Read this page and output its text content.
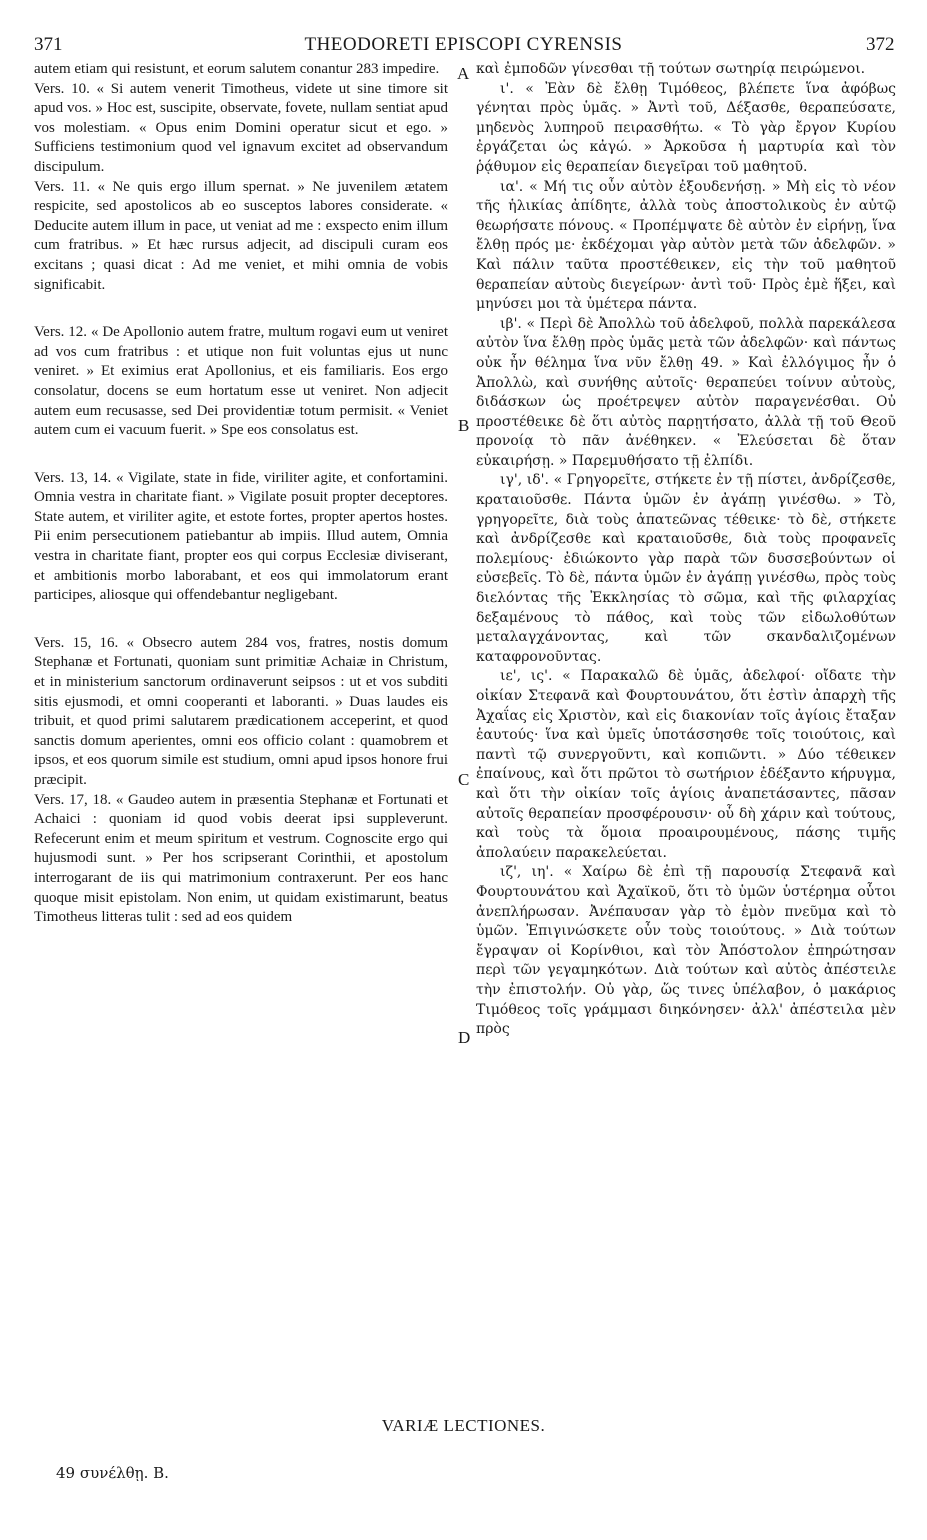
371	THEODORETI EPISCOPI CYRENSIS	372

autem etiam qui resistunt, et eorum salutem conantur 283 impedire.

Vers. 10. « Si autem venerit Timotheus, videte ut sine timore sit apud vos. » Hoc est, suscipite, observate, fovete, nullam sentiat apud vos molestiam. « Opus enim Domini operatur sicut et ego. » Sufficiens testimonium quod vel ignavum excitet ad observandum discipulum.

Vers. 11. « Ne quis ergo illum spernat. » Ne juvenilem ætatem respicite, sed apostolicos ab eo susceptos labores considerate. « Deducite autem illum in pace, ut veniat ad me : exspecto enim illum cum fratribus. » Et hæc rursus adjecit, ad discipuli curam eos excitans ; quasi dicat : Ad me veniet, et mihi omnia de vobis significabit.

Vers. 12. « De Apollonio autem fratre, multum rogavi eum ut veniret ad vos cum fratribus : et utique non fuit voluntas ejus ut nunc veniret. » Et eximius erat Apollonius, et eis familiaris. Eos ergo consolatur, docens se eum hortatum esse ut veniret. Non adjecit autem eum recusasse, sed Dei providentiæ totum permisit. « Veniet autem cum ei vacuum fuerit. » Spe eos consolatus est.

Vers. 13, 14. « Vigilate, state in fide, viriliter agite, et confortamini. Omnia vestra in charitate fiant. » Vigilate posuit propter deceptores. State autem, et viriliter agite, et estote fortes, propter apertos hostes. Pii enim persecutionem patiebantur ab impiis. Illud autem, Omnia vestra in charitate fiant, propter eos qui corpus Ecclesiæ diviserant, et ambitionis morbo laborabant, et eos qui immolatorum erant participes, aliosque qui offendebantur negligebant.

Vers. 15, 16. « Obsecro autem 284 vos, fratres, nostis domum Stephanæ et Fortunati, quoniam sunt primitiæ Achaiæ in Christum, et in ministerium sanctorum ordinaverunt seipsos : ut et vos subditi sitis ejusmodi, et omni cooperanti et laboranti. » Duas laudes eis tribuit, et quod primi salutarem prædicationem acceperint, et quod sanctis domum aperientes, omni eos officio colant : quamobrem et ipsos, et eos quorum simile est studium, omni apud ipsos honore frui præcipit.

Vers. 17, 18. « Gaudeo autem in præsentia Stephanæ et Fortunati et Achaici : quoniam id quod vobis deerat ipsi suppleverunt. Refecerunt enim et meum spiritum et vestrum. Cognoscite ergo qui hujusmodi sunt. » Per hos scripserant Corinthii, et apostolum interrogarant de iis qui matrimonium contraxerunt. Per eos hanc quoque misit epistolam. Non enim, ut quidam existimarunt, beatus Timotheus litteras tulit : sed ad eos quidem

A
B
C
D

καὶ ἐμποδῶν γίνεσθαι τῇ τούτων σωτηρίᾳ πειρώμενοι.

ι'. « Ἐὰν δὲ ἔλθῃ Τιμόθεος, βλέπετε ἵνα ἀφόβως γένηται πρὸς ὑμᾶς. » Ἀντὶ τοῦ, Δέξασθε, θεραπεύσατε, μηδενὸς λυπηροῦ πειρασθήτω. « Τὸ γὰρ ἔργον Κυρίου ἐργάζεται ὡς κἀγώ. » Ἀρκοῦσα ἡ μαρτυρία καὶ τὸν ῥᾴθυμον εἰς θεραπείαν διεγεῖραι τοῦ μαθητοῦ.

ια'. « Μή τις οὖν αὐτὸν ἐξουδενήσῃ. » Μὴ εἰς τὸ νέον τῆς ἡλικίας ἀπίδητε, ἀλλὰ τοὺς ἀποστολικοὺς ἐν αὐτῷ θεωρήσατε πόνους. « Προπέμψατε δὲ αὐτὸν ἐν εἰρήνῃ, ἵνα ἔλθῃ πρός με· ἐκδέχομαι γὰρ αὐτὸν μετὰ τῶν ἀδελφῶν. » Καὶ πάλιν ταῦτα προστέθεικεν, εἰς τὴν τοῦ μαθητοῦ θεραπείαν αὐτοὺς διεγείρων· ἀντὶ τοῦ· Πρὸς ἐμὲ ἥξει, καὶ μηνύσει μοι τὰ ὑμέτερα πάντα.

ιβ'. « Περὶ δὲ Ἀπολλὼ τοῦ ἀδελφοῦ, πολλὰ παρεκάλεσα αὐτὸν ἵνα ἔλθῃ πρὸς ὑμᾶς μετὰ τῶν ἀδελφῶν· καὶ πάντως οὐκ ἦν θέλημα ἵνα νῦν ἔλθῃ 49. » Καὶ ἐλλόγιμος ἦν ὁ Ἀπολλὼ, καὶ συνήθης αὐτοῖς· θεραπεύει τοίνυν αὐτοὺς, διδάσκων ὡς προέτρεψεν αὐτὸν παραγενέσθαι. Οὐ προστέθεικε δὲ ὅτι αὐτὸς παρῃτήσατο, ἀλλὰ τῇ τοῦ Θεοῦ προνοίᾳ τὸ πᾶν ἀνέθηκεν. « Ἐλεύσεται δὲ ὅταν εὐκαιρήσῃ. » Παρεμυθήσατο τῇ ἐλπίδι.

ιγ', ιδ'. « Γρηγορεῖτε, στήκετε ἐν τῇ πίστει, ἀνδρίζεσθε, κραταιοῦσθε. Πάντα ὑμῶν ἐν ἀγάπῃ γινέσθω. » Τὸ, γρηγορεῖτε, διὰ τοὺς ἀπατεῶνας τέθεικε· τὸ δὲ, στήκετε καὶ ἀνδρίζεσθε καὶ κραταιοῦσθε, διὰ τοὺς προφανεῖς πολεμίους· ἐδιώκοντο γὰρ παρὰ τῶν δυσσεβούντων οἱ εὐσεβεῖς. Τὸ δὲ, πάντα ὑμῶν ἐν ἀγάπῃ γινέσθω, πρὸς τοὺς διελόντας τῆς Ἐκκλησίας τὸ σῶμα, καὶ τῆς φιλαρχίας δεξαμένους τὸ πάθος, καὶ τοὺς τῶν εἰδωλοθύτων μεταλαγχάνοντας, καὶ τῶν σκανδαλιζομένων καταφρονοῦντας.

ιε', ις'. « Παρακαλῶ δὲ ὑμᾶς, ἀδελφοί· οἴδατε τὴν οἰκίαν Στεφανᾶ καὶ Φουρτουνάτου, ὅτι ἐστὶν ἀπαρχὴ τῆς Ἀχαΐας εἰς Χριστὸν, καὶ εἰς διακονίαν τοῖς ἁγίοις ἔταξαν ἑαυτούς· ἵνα καὶ ὑμεῖς ὑποτάσσησθε τοῖς τοιούτοις, καὶ παντὶ τῷ συνεργοῦντι, καὶ κοπιῶντι. » Δύο τέθεικεν ἐπαίνους, καὶ ὅτι πρῶτοι τὸ σωτήριον ἐδέξαντο κήρυγμα, καὶ ὅτι τὴν οἰκίαν τοῖς ἁγίοις ἀναπετάσαντες, πᾶσαν αὐτοῖς θεραπείαν προσφέρουσιν· οὗ δὴ χάριν καὶ τούτους, καὶ τοὺς τὰ ὅμοια προαιρουμένους, πάσης τιμῆς ἀπολαύειν παρακελεύεται.

ιζ', ιη'. « Χαίρω δὲ ἐπὶ τῇ παρουσίᾳ Στεφανᾶ καὶ Φουρτουνάτου καὶ Ἀχαϊκοῦ, ὅτι τὸ ὑμῶν ὑστέρημα οὗτοι ἀνεπλήρωσαν. Ἀνέπαυσαν γὰρ τὸ ἐμὸν πνεῦμα καὶ τὸ ὑμῶν. Ἐπιγινώσκετε οὖν τοὺς τοιούτους. » Διὰ τούτων ἔγραψαν οἱ Κορίνθιοι, καὶ τὸν Ἀπόστολον ἐπηρώτησαν περὶ τῶν γεγαμηκότων. Διὰ τούτων καὶ αὐτὸς ἀπέστειλε τὴν ἐπιστολήν. Οὐ γὰρ, ὥς τινες ὑπέλαβον, ὁ μακάριος Τιμόθεος τοῖς γράμμασι διηκόνησεν· ἀλλ' ἀπέστειλα μὲν πρὸς

VARIÆ LECTIONES.
49 συνέλθῃ. B.
